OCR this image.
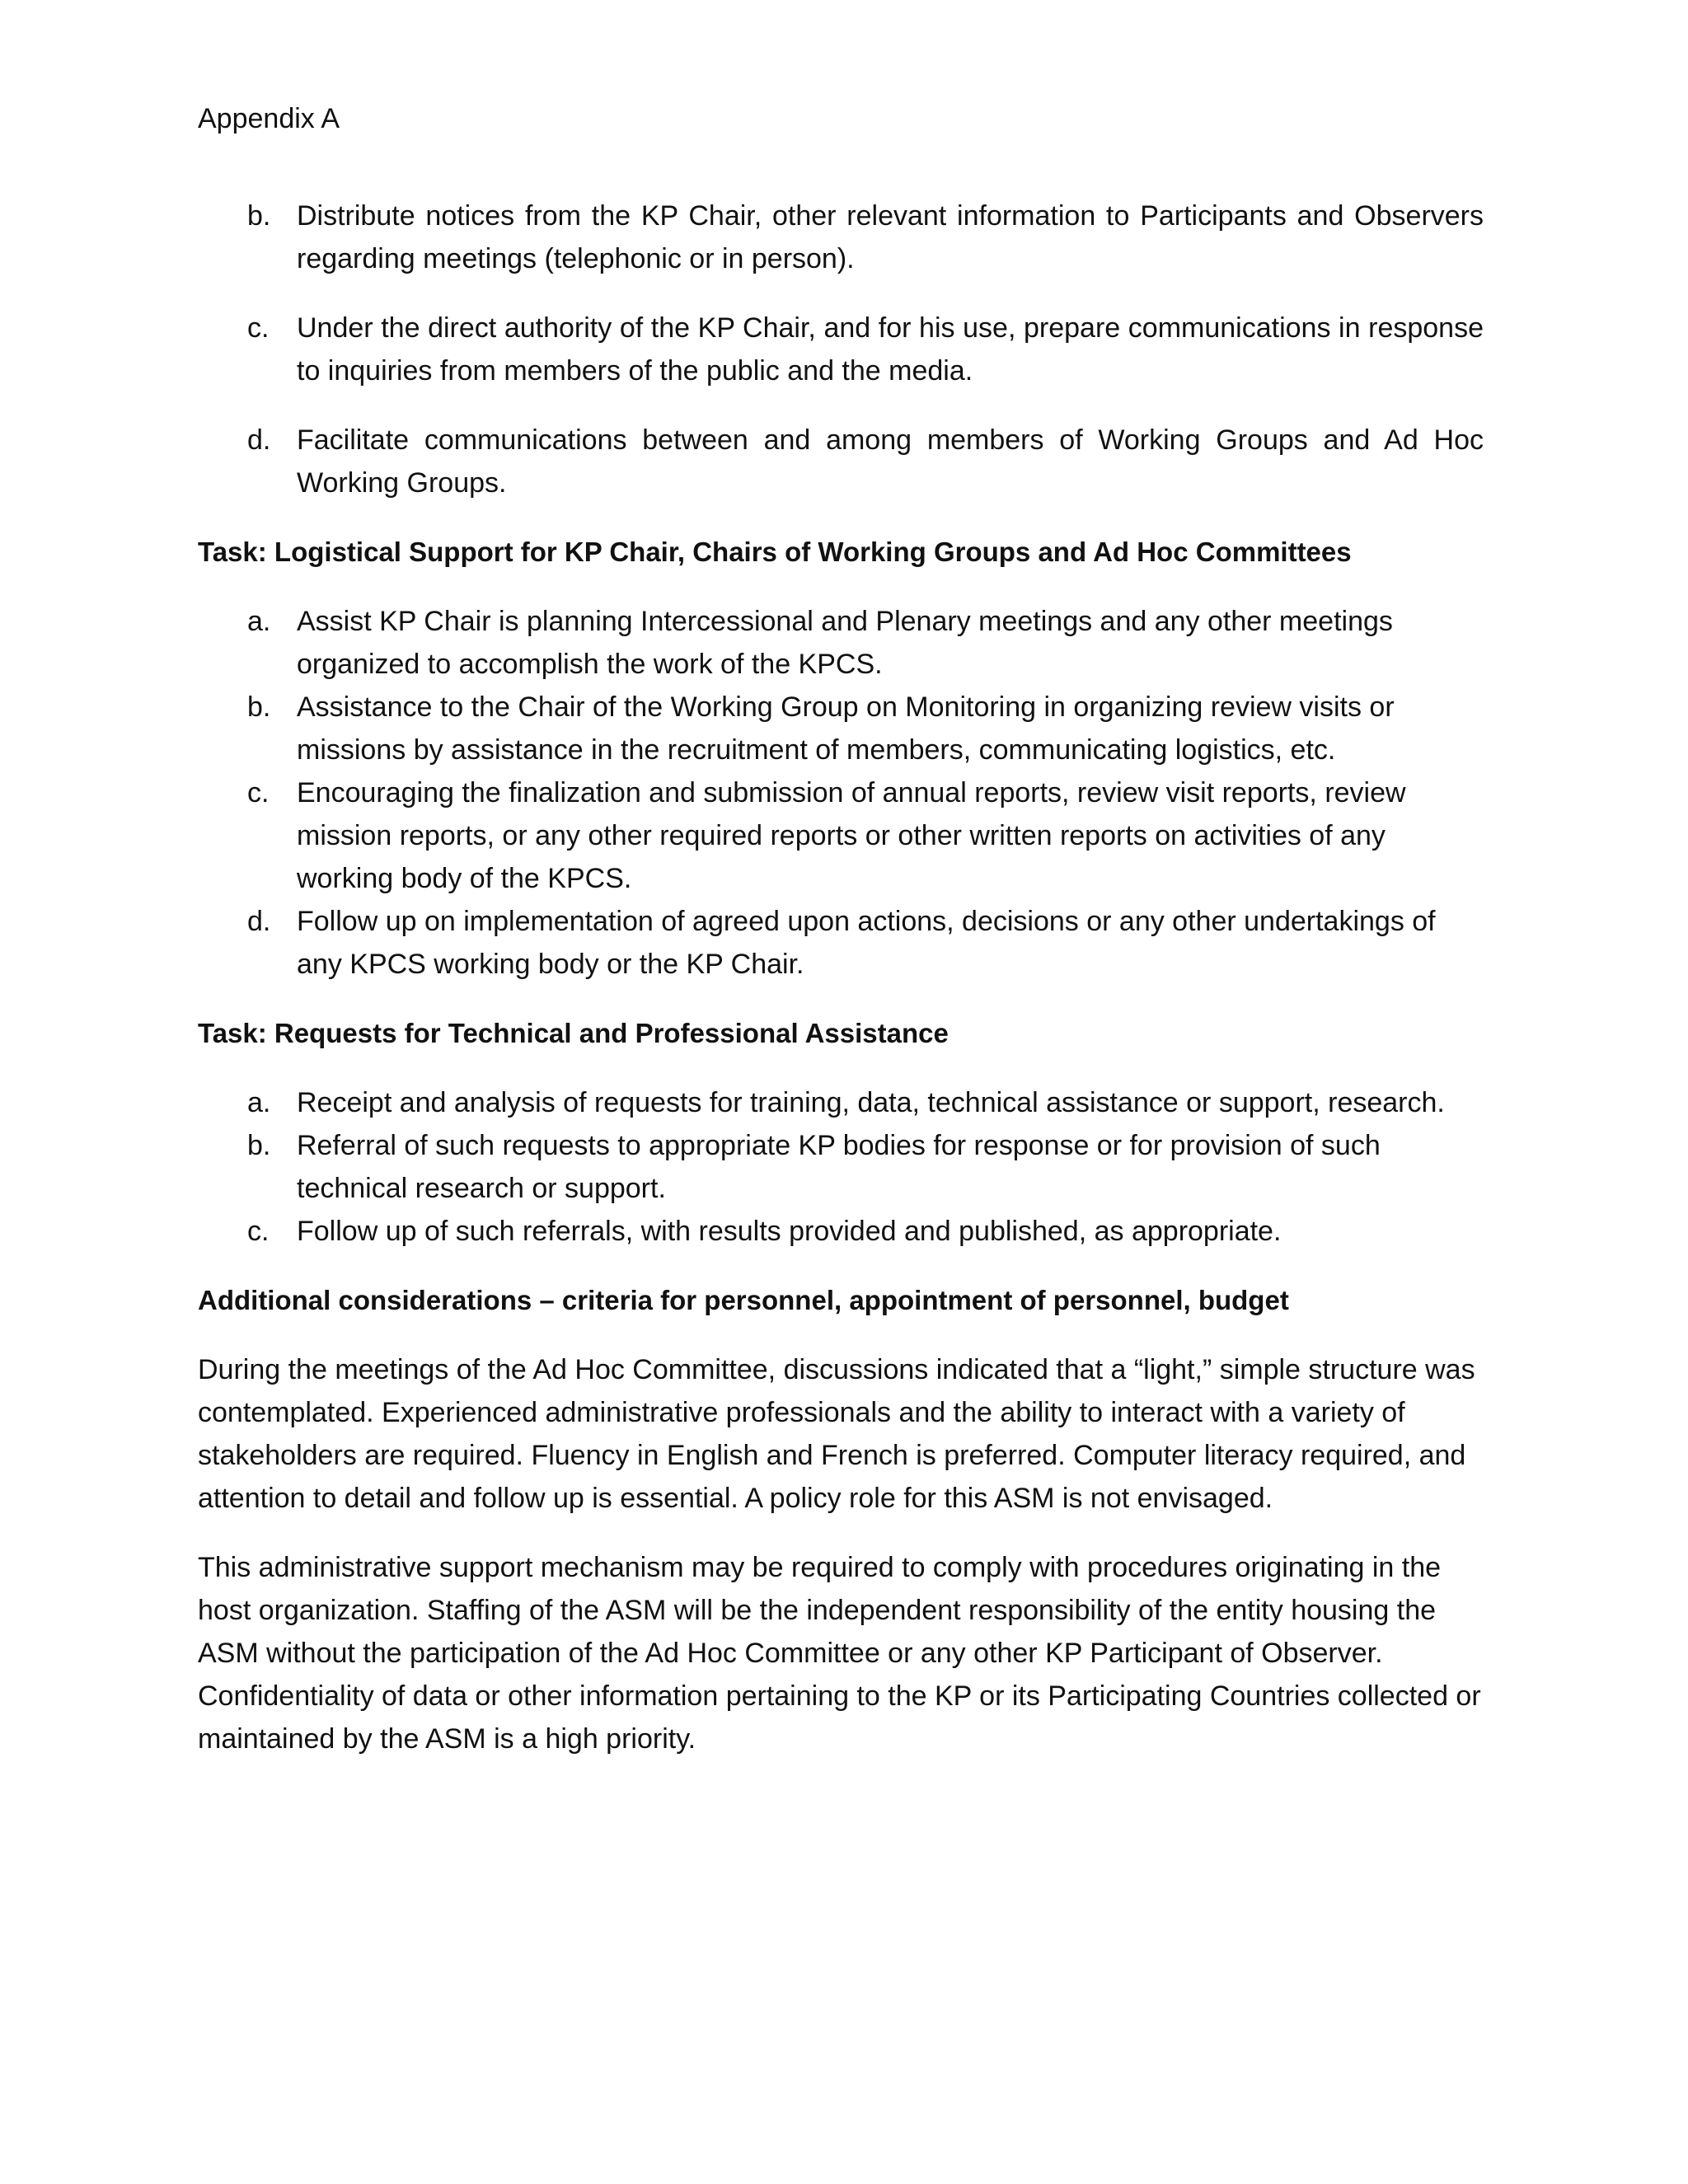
Appendix A
b. Distribute notices from the KP Chair, other relevant information to Participants and Observers regarding meetings (telephonic or in person).
c. Under the direct authority of the KP Chair, and for his use, prepare communications in response to inquiries from members of the public and the media.
d. Facilitate communications between and among members of Working Groups and Ad Hoc Working Groups.
Task: Logistical Support for KP Chair, Chairs of Working Groups and Ad Hoc Committees
a. Assist KP Chair is planning Intercessional and Plenary meetings and any other meetings organized to accomplish the work of the KPCS.
b. Assistance to the Chair of the Working Group on Monitoring in organizing review visits or missions by assistance in the recruitment of members, communicating logistics, etc.
c. Encouraging the finalization and submission of annual reports, review visit reports, review mission reports, or any other required reports or other written reports on activities of any working body of the KPCS.
d. Follow up on implementation of agreed upon actions, decisions or any other undertakings of any KPCS working body or the KP Chair.
Task: Requests for Technical and Professional Assistance
a. Receipt and analysis of requests for training, data, technical assistance or support, research.
b. Referral of such requests to appropriate KP bodies for response or for provision of such technical research or support.
c. Follow up of such referrals, with results provided and published, as appropriate.
Additional considerations – criteria for personnel, appointment of personnel, budget

During the meetings of the Ad Hoc Committee, discussions indicated that a “light,” simple structure was contemplated. Experienced administrative professionals and the ability to interact with a variety of stakeholders are required. Fluency in English and French is preferred. Computer literacy required, and attention to detail and follow up is essential. A policy role for this ASM is not envisaged.

This administrative support mechanism may be required to comply with procedures originating in the host organization. Staffing of the ASM will be the independent responsibility of the entity housing the ASM without the participation of the Ad Hoc Committee or any other KP Participant of Observer. Confidentiality of data or other information pertaining to the KP or its Participating Countries collected or maintained by the ASM is a high priority.
